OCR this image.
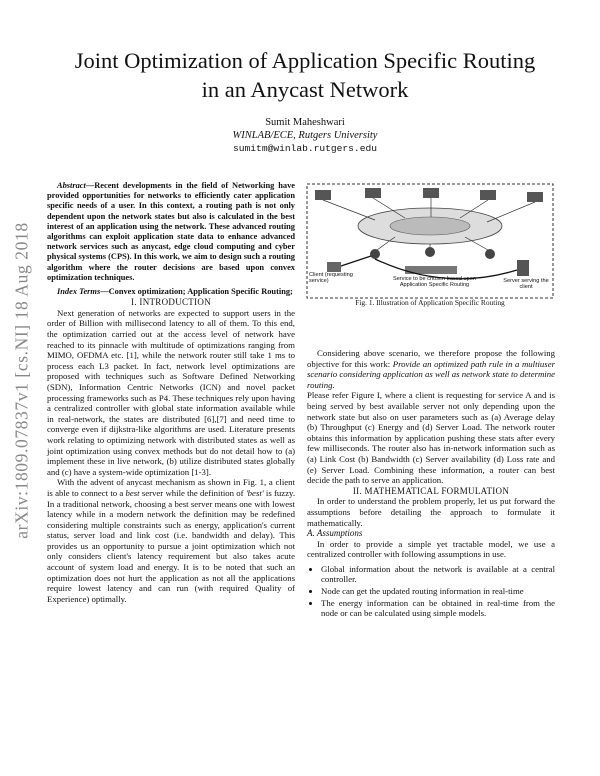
Joint Optimization of Application Specific Routing
in an Anycast Network
Sumit Maheshwari
WINLAB/ECE, Rutgers University
sumitm@winlab.rutgers.edu
arXiv:1809.07837v1 [cs.NI] 18 Aug 2018

Abstract—Recent developments in the field of Networking have provided opportunities for networks to efficiently cater application specific needs of a user. In this context, a routing path is not only dependent upon the network states but also is calculated in the best interest of an application using the network. These advanced routing algorithms can exploit application state data to enhance advanced network services such as anycast, edge cloud computing and cyber physical systems (CPS). In this work, we aim to design such a routing algorithm where the router decisions are based upon convex optimization techniques.

Index Terms—Convex optimization; Application Specific Routing;

I. INTRODUCTION

Next generation of networks are expected to support users in the order of Billion with millisecond latency to all of them. To this end, the optimization carried out at the access level of network have reached to its pinnacle with multitude of optimizations ranging from MIMO, OFDMA etc. [1], while the network router still take 1 ms to process each L3 packet. In fact, network level optimizations are proposed with techniques such as Software Defined Networking (SDN), Information Centric Networks (ICN) and novel packet processing frameworks such as P4. These techniques rely upon having a centralized controller with global state information available while in real-network, the states are distributed [6],[7] and need time to converge even if dijkstra-like algorithms are used. Literature presents work relating to optimizing network with distributed states as well as joint optimization using convex methods but do not detail how to (a) implement these in live network, (b) utilize distributed states globally and (c) have a system-wide optimization [1-3].

With the advent of anycast mechanism as shown in Fig. 1, a client is able to connect to a best server while the definition of 'best' is fuzzy. In a traditional network, choosing a best server means one with lowest latency while in a modern network the definition may be redefined considering multiple constraints such as energy, application's current status, server load and link cost (i.e. bandwidth and delay). This provides us an opportunity to pursue a joint optimization which not only considers client's latency requirement but also takes acute account of system load and energy. It is to be noted that such an optimization does not hurt the application as not all the applications require lowest latency and can run (with required Quality of Experience) optimally.

Client (requesting service)	Service to be chosen based upon Application Specific Routing
Server serving the client
Fig. 1. Illustration of Application Specific Routing

Considering above scenario, we therefore propose the following objective for this work: Provide an optimized path rule in a multiuser scenario considering application as well as network state to determine routing.

Please refer Figure I, where a client is requesting for service A and is being served by best available server not only depending upon the network state but also on user parameters such as (a) Average delay (b) Throughput (c) Energy and (d) Server Load. The network router obtains this information by application pushing these stats after every few milliseconds. The router also has in-network information such as (a) Link Cost (b) Bandwidth (c) Server availability (d) Loss rate and (e) Server Load. Combining these information, a router can best decide the path to serve an application.

II. MATHEMATICAL FORMULATION

In order to understand the problem properly, let us put forward the assumptions before detailing the approach to formulate it mathematically.

A. Assumptions

In order to provide a simple yet tractable model, we use a centralized controller with following assumptions in use.

• Global information about the network is available at a central controller.
• Node can get the updated routing information in real-time
• The energy information can be obtained in real-time from the node or can be calculated using simple models.
